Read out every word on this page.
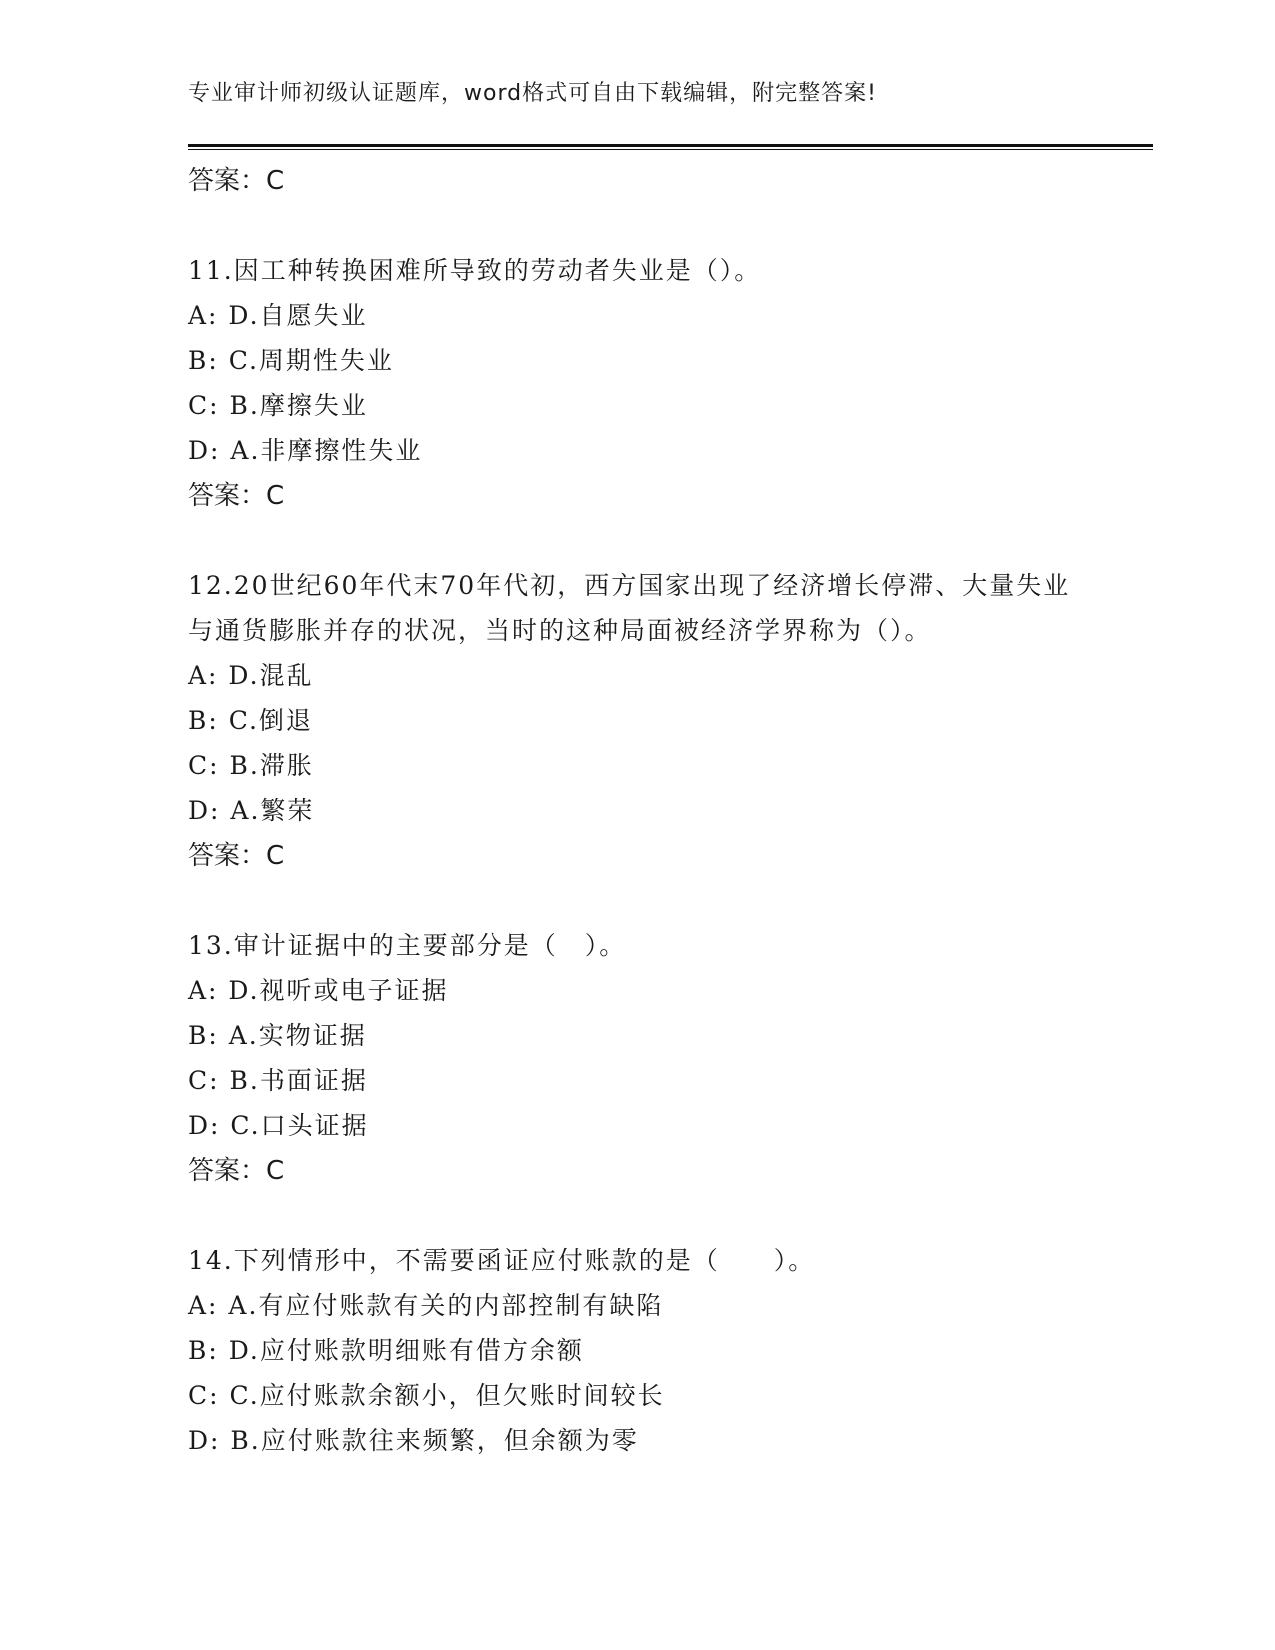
专业审计师初级认证题库，word格式可自由下载编辑，附完整答案!
答案：C
11.因工种转换困难所导致的劳动者失业是（）。
A: D.自愿失业
B: C.周期性失业
C: B.摩擦失业
D: A.非摩擦性失业
答案：C
12.20世纪60年代末70年代初，西方国家出现了经济增长停滞、大量失业与通货膨胀并存的状况，当时的这种局面被经济学界称为（）。
A: D.混乱
B: C.倒退
C: B.滞胀
D: A.繁荣
答案：C
13.审计证据中的主要部分是（　）。
A: D.视听或电子证据
B: A.实物证据
C: B.书面证据
D: C.口头证据
答案：C
14.下列情形中，不需要函证应付账款的是（　　）。
A: A.有应付账款有关的内部控制有缺陷
B: D.应付账款明细账有借方余额
C: C.应付账款余额小，但欠账时间较长
D: B.应付账款往来频繁，但余额为零
